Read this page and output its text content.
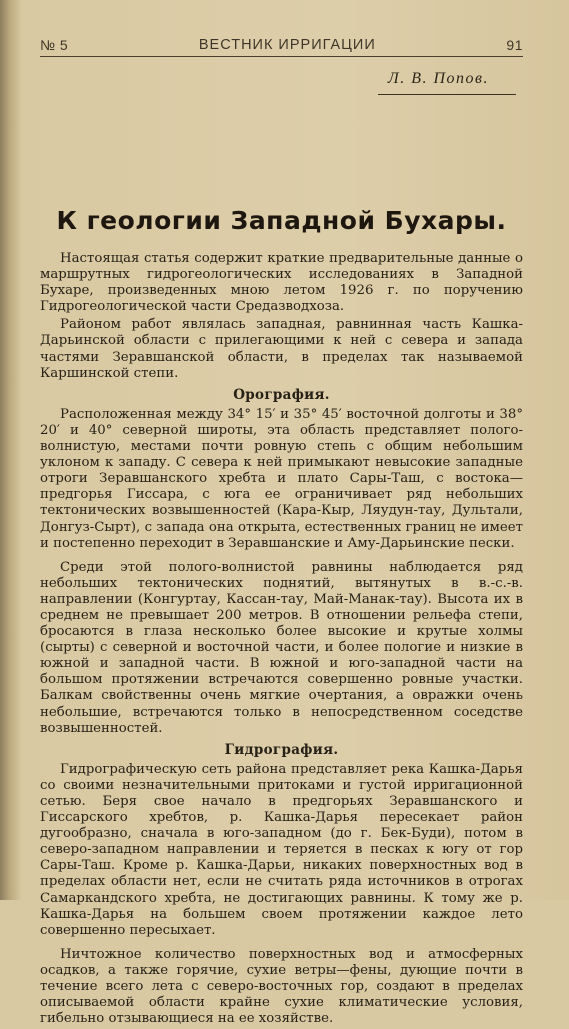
№ 5	ВЕСТНИК ИРРИГАЦИИ	91
Л. В. Попов.
К геологии Западной Бухары.

Настоящая статья содержит краткие предварительные данные о маршрутных гидрогеологических исследованиях в Западной Бухаре, произведенных мною летом 1926 г. по поручению Гидрогеологической части Средазводхоза.

Районом работ являлась западная, равнинная часть Кашка-Дарьинской области с прилегающими к ней с севера и запада частями Зеравшанской области, в пределах так называемой Каршинской степи.

Орография.

Расположенная между 34° 15′ и 35° 45′ восточной долготы и 38° 20′ и 40° северной широты, эта область представляет полого-волнистую, местами почти ровную степь с общим небольшим уклоном к западу. С севера к ней примыкают невысокие западные отроги Зеравшанского хребта и плато Сары-Таш, с востока—предгорья Гиссара, с юга ее ограничивает ряд небольших тектонических возвышенностей (Кара-Кыр, Ляудун-тау, Дультали, Донгуз-Сырт), с запада она открыта, естественных границ не имеет и постепенно переходит в Зеравшанские и Аму-Дарьинские пески.

Среди этой полого-волнистой равнины наблюдается ряд небольших тектонических поднятий, вытянутых в в.-с.-в. направлении (Конгуртау, Кассан-тау, Май-Манак-тау). Высота их в среднем не превышает 200 метров. В отношении рельефа степи, бросаются в глаза несколько более высокие и крутые холмы (сырты) с северной и восточной части, и более пологие и низкие в южной и западной части. В южной и юго-западной части на большом протяжении встречаются совершенно ровные участки. Балкам свойственны очень мягкие очертания, а овражки очень небольшие, встречаются только в непосредственном соседстве возвышенностей.

Гидрография.

Гидрографическую сеть района представляет река Кашка-Дарья со своими незначительными притоками и густой ирригационной сетью. Беря свое начало в предгорьях Зеравшанского и Гиссарского хребтов, р. Кашка-Дарья пересекает район дугообразно, сначала в юго-западном (до г. Бек-Буди), потом в северо-западном направлении и теряется в песках к югу от гор Сары-Таш. Кроме р. Кашка-Дарьи, никаких поверхностных вод в пределах области нет, если не считать ряда источников в отрогах Самаркандского хребта, не достигающих равнины. К тому же р. Кашка-Дарья на большем своем протяжении каждое лето совершенно пересыхает.

Ничтожное количество поверхностных вод и атмосферных осадков, а также горячие, сухие ветры—фены, дующие почти в течение всего лета с северо-восточных гор, создают в пределах описываемой области крайне сухие климатические условия, гибельно отзывающиеся на ее хозяйстве.
